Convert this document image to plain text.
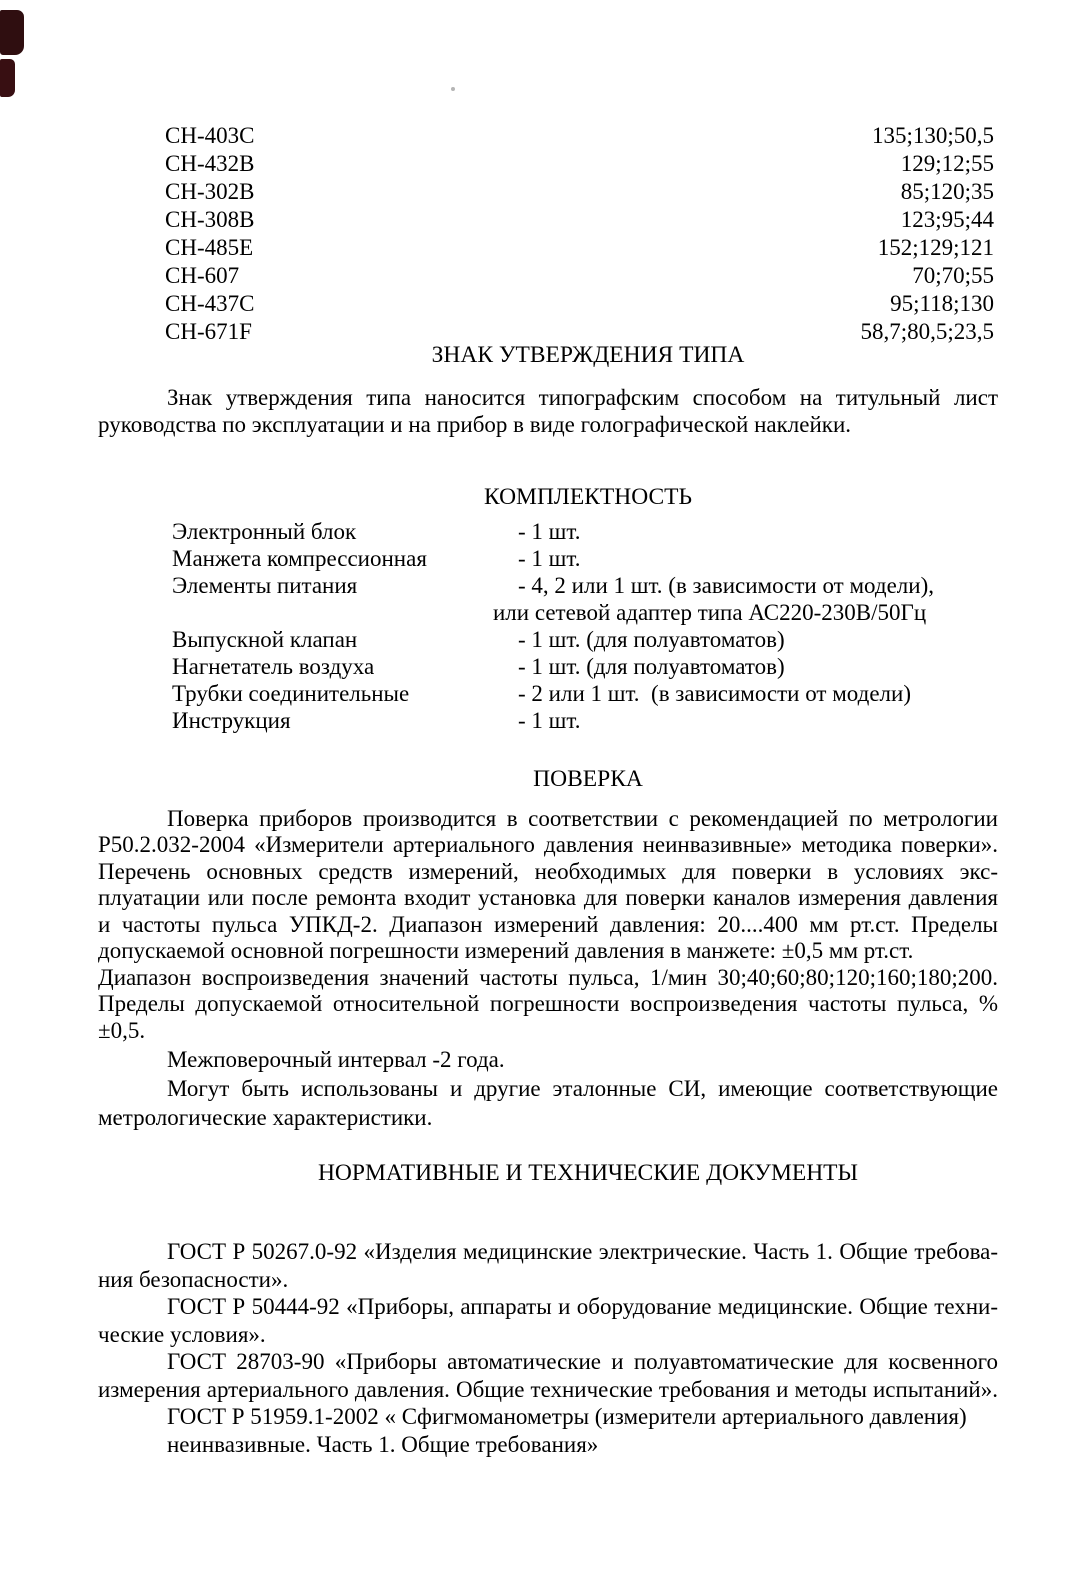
CH-403C	135;130;50,5
CH-432B	129;12;55
CH-302B	85;120;35
CH-308B	123;95;44
CH-485E	152;129;121
CH-607	70;70;55
CH-437C	95;118;130
CH-671F	58,7;80,5;23,5
ЗНАК УТВЕРЖДЕНИЯ ТИПА
Знак утверждения типа наносится типографским способом на титульный лист
руководства по эксплуатации и на прибор в виде голографической наклейки.
КОМПЛЕКТНОСТЬ
Электронный блок	- 1 шт.
Манжета компрессионная	- 1 шт.
Элементы питания	- 4, 2 или 1 шт. (в зависимости от модели),
или сетевой адаптер типа АС220-230В/50Гц
Выпускной клапан	- 1 шт. (для полуавтоматов)
Нагнетатель воздуха	- 1 шт. (для полуавтоматов)
Трубки соединительные	- 2 или 1 шт.  (в зависимости от модели)
Инструкция	- 1 шт.
ПОВЕРКА
Поверка приборов производится в соответствии с рекомендацией по метрологии
Р50.2.032-2004 «Измерители артериального давления неинвазивные» методика поверки».
Перечень основных средств измерений, необходимых для поверки в условиях экс-
плуатации или после ремонта входит установка для поверки каналов измерения давления
и частоты пульса УПКД-2. Диапазон измерений давления: 20....400 мм рт.ст. Пределы
допускаемой основной погрешности измерений давления в манжете: ±0,5 мм рт.ст.
Диапазон воспроизведения значений частоты пульса, 1/мин 30;40;60;80;120;160;180;200.
Пределы допускаемой относительной погрешности воспроизведения частоты пульса, %
±0,5.
Межповерочный интервал -2 года.
Могут быть использованы и другие эталонные СИ, имеющие соответствующие
метрологические характеристики.
НОРМАТИВНЫЕ И ТЕХНИЧЕСКИЕ ДОКУМЕНТЫ
ГОСТ Р 50267.0-92 «Изделия медицинские электрические. Часть 1. Общие требова-
ния безопасности».
ГОСТ Р 50444-92 «Приборы, аппараты и оборудование медицинские. Общие техни-
ческие условия».
ГОСТ 28703-90 «Приборы автоматические и полуавтоматические для косвенного
измерения артериального давления. Общие технические требования и методы испытаний».
ГОСТ Р 51959.1-2002 « Сфигмоманометры (измерители артериального давления)
неинвазивные. Часть 1. Общие требования»
